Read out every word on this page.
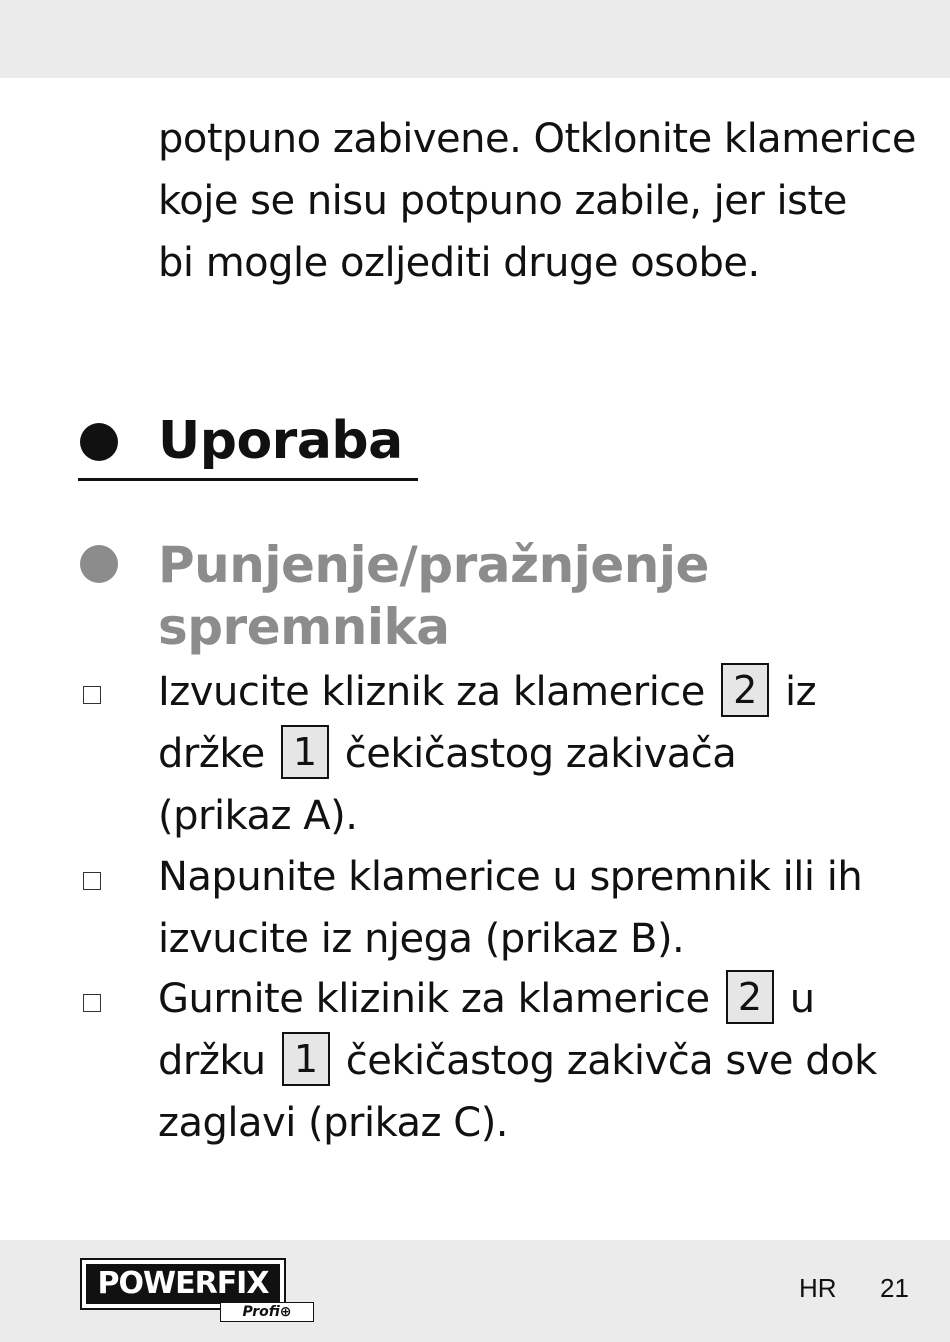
potpuno zabivene. Otklonite klamerice
koje se nisu potpuno zabile, jer iste
bi mogle ozljediti druge osobe.
Uporaba
Punjenje/pražnjenje
spremnika
Izvucite kliznik za klamerice 2 iz
držke 1 čekičastog zakivača
(prikaz A).
Napunite klamerice u spremnik ili ih
izvucite iz njega (prikaz B).
Gurnite klizinik za klamerice 2 u
držku 1 čekičastog zakivča sve dok
zaglavi (prikaz C).
POWERFIX
Profi⊕
HR 21
